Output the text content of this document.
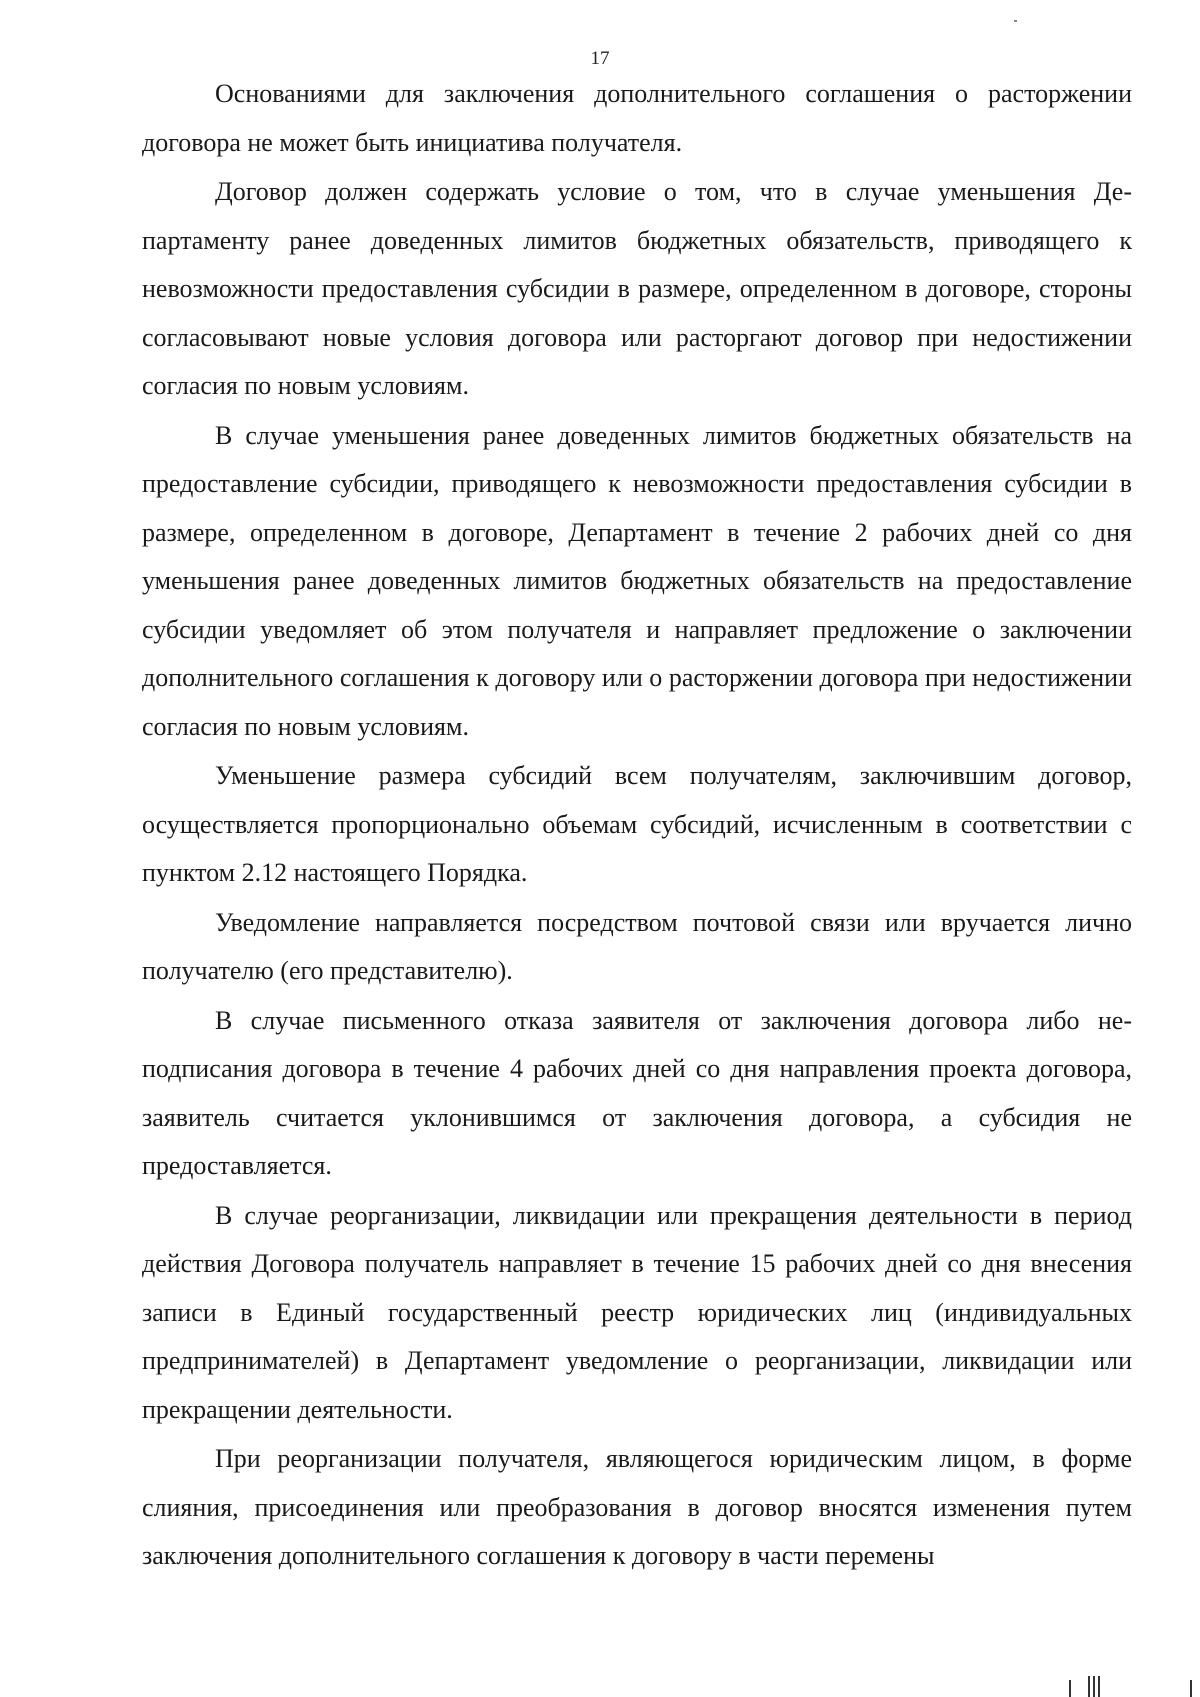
17

Основаниями для заключения дополнительного соглашения о расторжении договора не может быть инициатива получателя.

Договор должен содержать условие о том, что в случае уменьшения Департаменту ранее доведенных лимитов бюджетных обязательств, приводящего к невозможности предоставления субсидии в размере, определенном в договоре, стороны согласовывают новые условия договора или расторгают договор при недостижении согласия по новым условиям.

В случае уменьшения ранее доведенных лимитов бюджетных обязательств на предоставление субсидии, приводящего к невозможности предоставления субсидии в размере, определенном в договоре, Департамент в течение 2 рабочих дней со дня уменьшения ранее доведенных лимитов бюджетных обязательств на предоставление субсидии уведомляет об этом получателя и направляет предложение о заключении дополнительного соглашения к договору или о расторжении договора при недостижении согласия по новым условиям.

Уменьшение размера субсидий всем получателям, заключившим договор, осуществляется пропорционально объемам субсидий, исчисленным в соответствии с пунктом 2.12 настоящего Порядка.

Уведомление направляется посредством почтовой связи или вручается лично получателю (его представителю).

В случае письменного отказа заявителя от заключения договора либо неподписания договора в течение 4 рабочих дней со дня направления проекта договора, заявитель считается уклонившимся от заключения договора, а субсидия не предоставляется.

В случае реорганизации, ликвидации или прекращения деятельности в период действия Договора получатель направляет в течение 15 рабочих дней со дня внесения записи в Единый государственный реестр юридических лиц (индивидуальных предпринимателей) в Департамент уведомление о реорганизации, ликвидации или прекращении деятельности.

При реорганизации получателя, являющегося юридическим лицом, в форме слияния, присоединения или преобразования в договор вносятся изменения путем заключения дополнительного соглашения к договору в части перемены
